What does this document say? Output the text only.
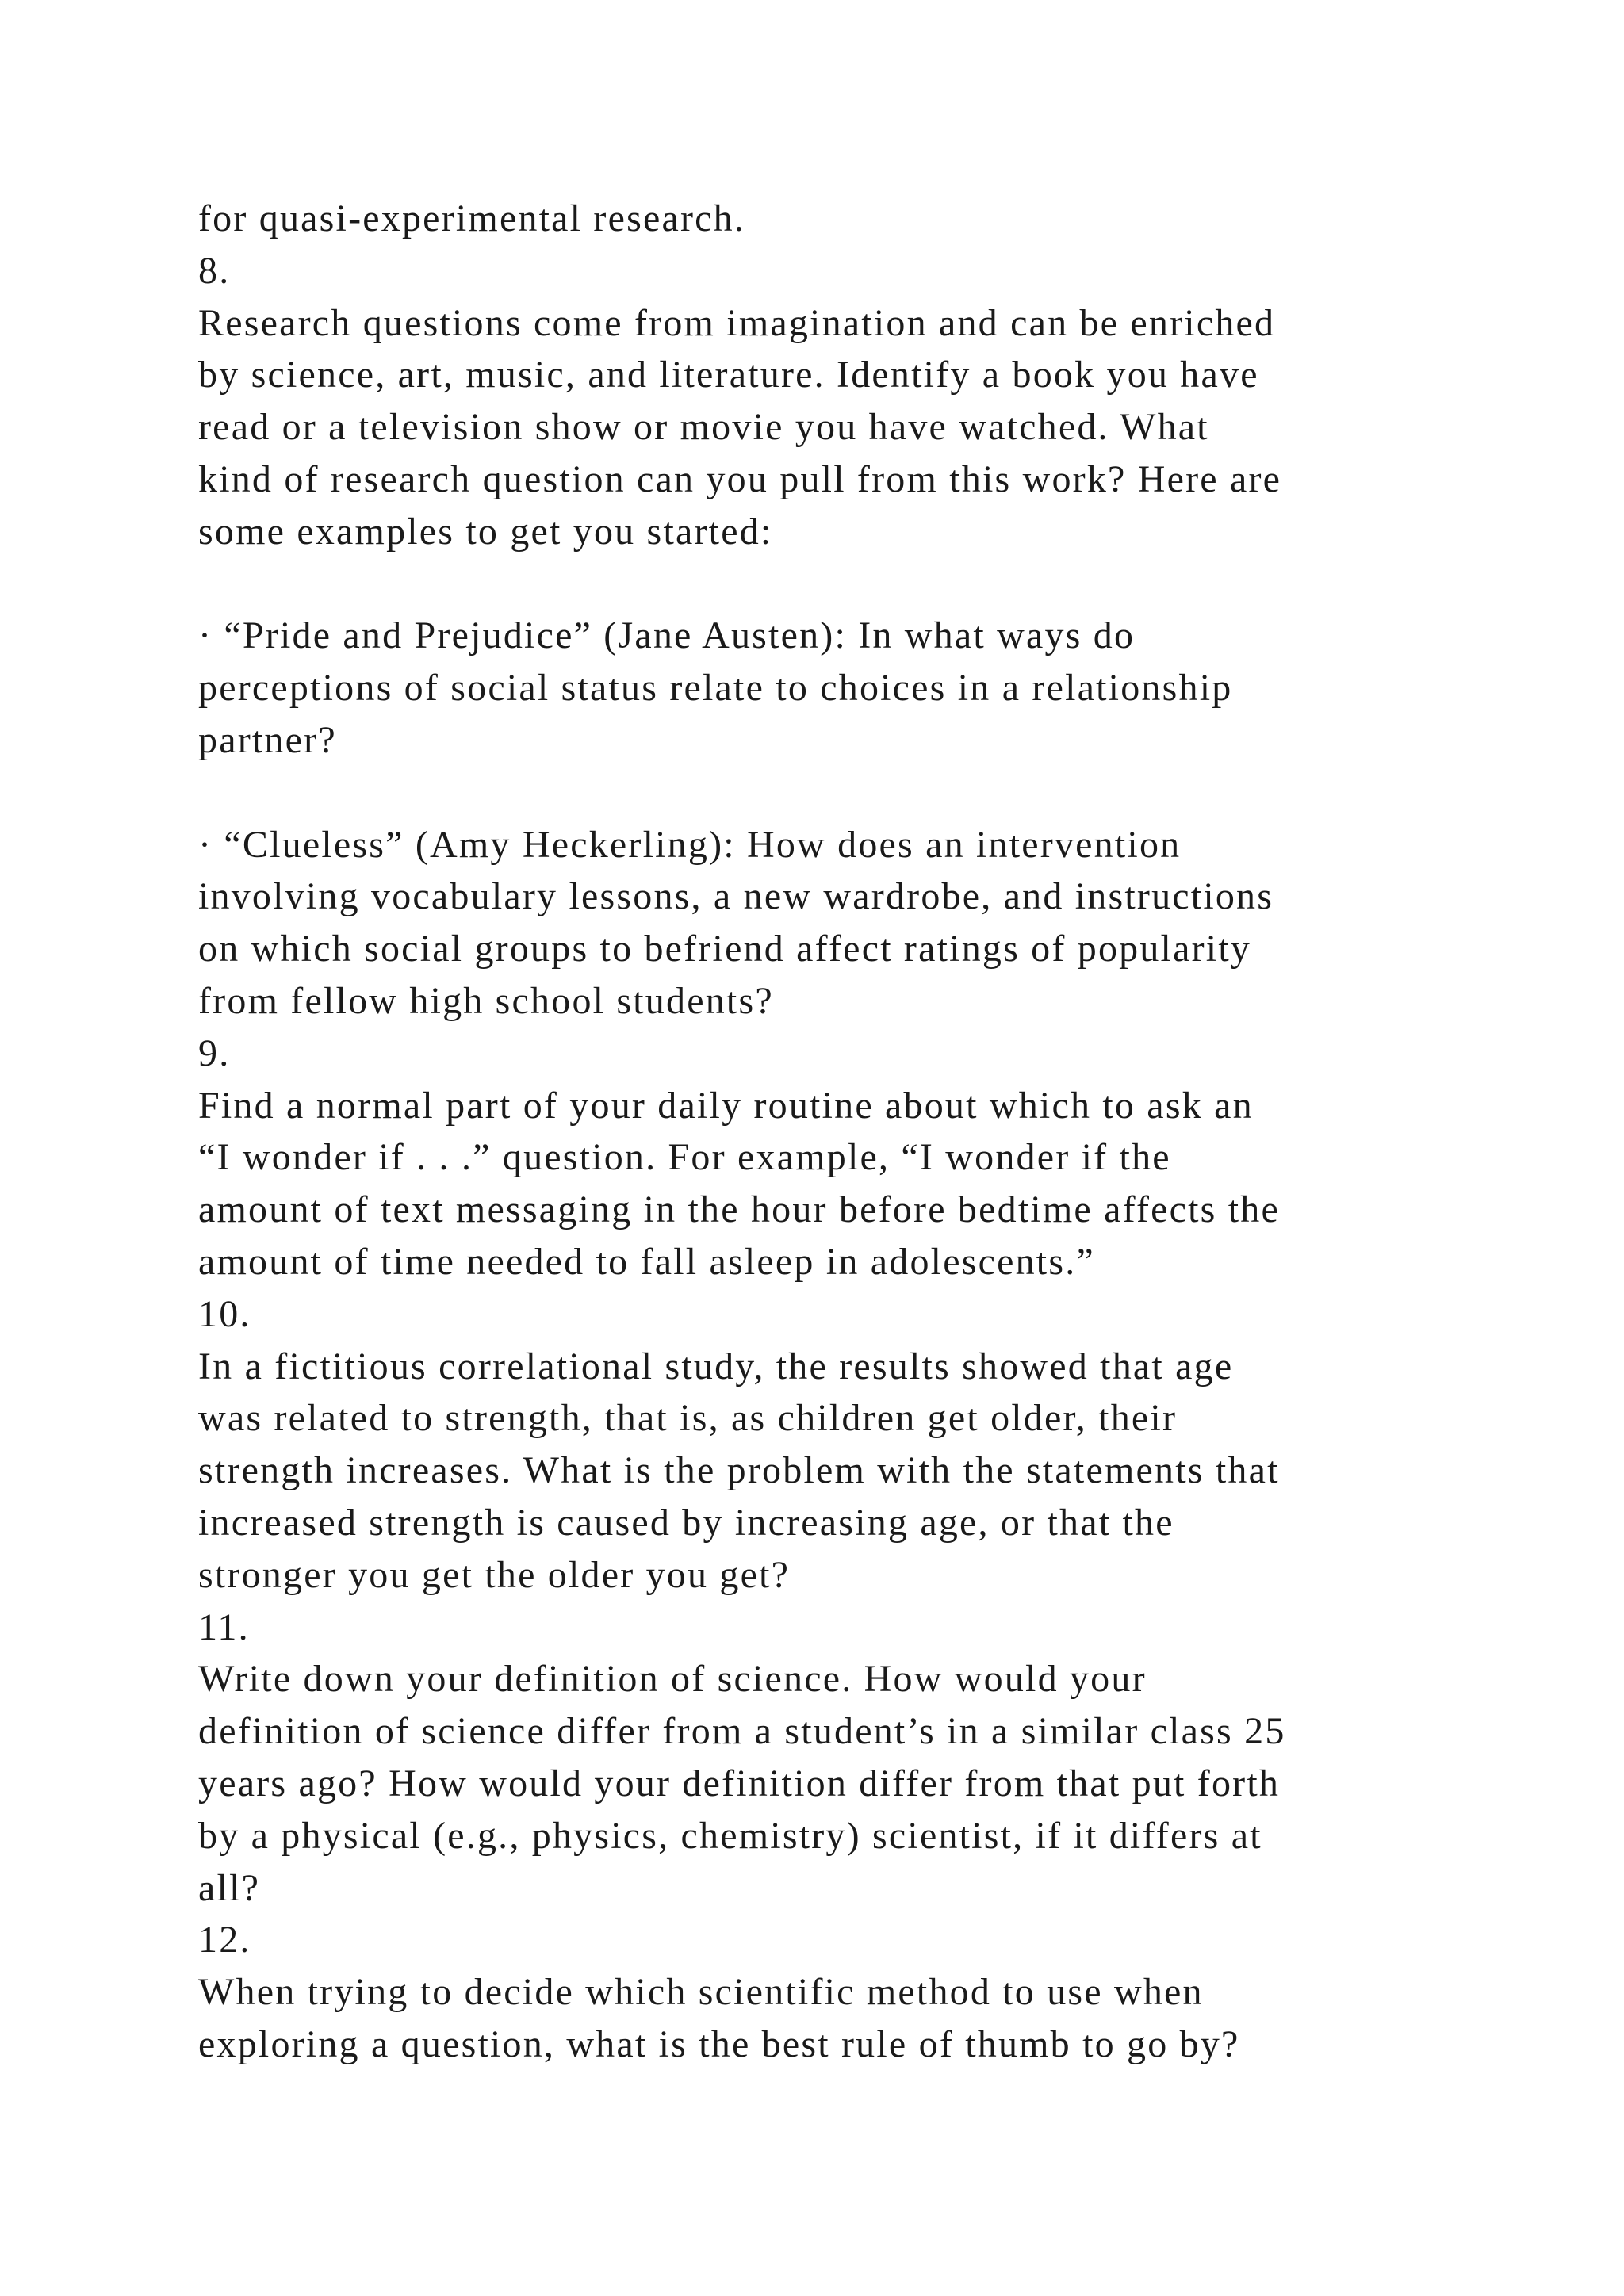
for quasi-experimental research.
8.
Research questions come from imagination and can be enriched
by science, art, music, and literature. Identify a book you have
read or a television show or movie you have watched. What
kind of research question can you pull from this work? Here are
some examples to get you started:
· “Pride and Prejudice” (Jane Austen): In what ways do
perceptions of social status relate to choices in a relationship
partner?
· “Clueless” (Amy Heckerling): How does an intervention
involving vocabulary lessons, a new wardrobe, and instructions
on which social groups to befriend affect ratings of popularity
from fellow high school students?
9.
Find a normal part of your daily routine about which to ask an
“I wonder if . . .” question. For example, “I wonder if the
amount of text messaging in the hour before bedtime affects the
amount of time needed to fall asleep in adolescents.”
10.
In a fictitious correlational study, the results showed that age
was related to strength, that is, as children get older, their
strength increases. What is the problem with the statements that
increased strength is caused by increasing age, or that the
stronger you get the older you get?
11.
Write down your definition of science. How would your
definition of science differ from a student’s in a similar class 25
years ago? How would your definition differ from that put forth
by a physical (e.g., physics, chemistry) scientist, if it differs at
all?
12.
When trying to decide which scientific method to use when
exploring a question, what is the best rule of thumb to go by?
